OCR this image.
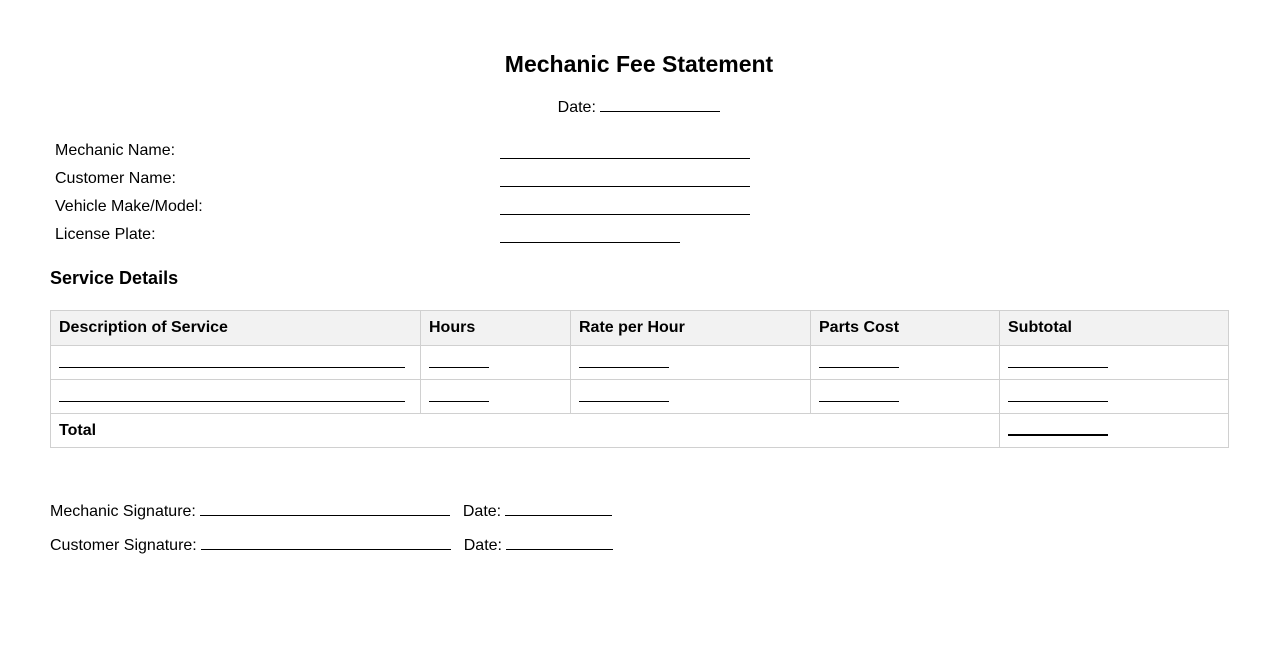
Mechanic Fee Statement
Date:
Mechanic Name:
Customer Name:
Vehicle Make/Model:
License Plate:
Service Details
Description of Service	Hours	Rate per Hour	Parts Cost	Subtotal

Total				
Mechanic Signature:	Date:
Customer Signature:	Date:
